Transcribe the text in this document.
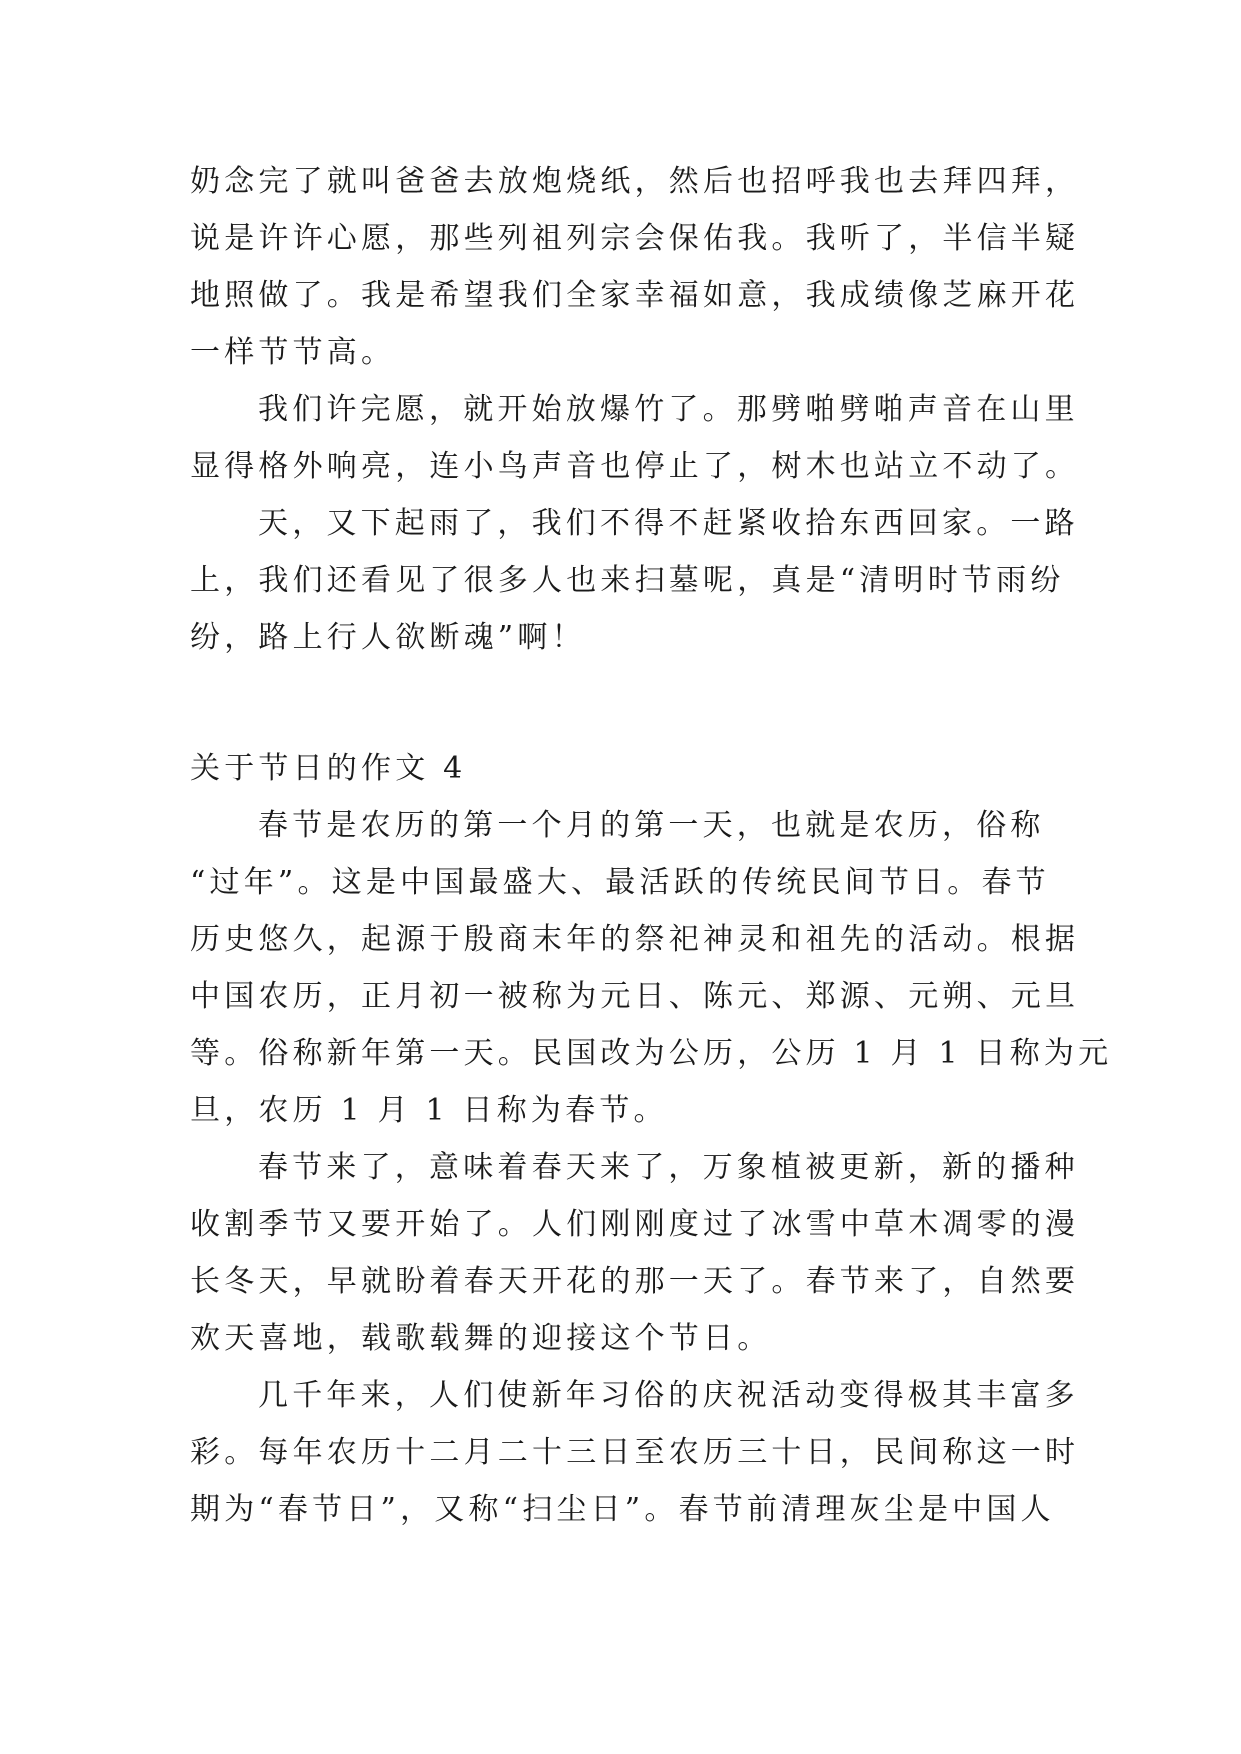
奶念完了就叫爸爸去放炮烧纸，然后也招呼我也去拜四拜，
说是许许心愿，那些列祖列宗会保佑我。我听了，半信半疑
地照做了。我是希望我们全家幸福如意，我成绩像芝麻开花
一样节节高。
我们许完愿，就开始放爆竹了。那劈啪劈啪声音在山里
显得格外响亮，连小鸟声音也停止了，树木也站立不动了。
天，又下起雨了，我们不得不赶紧收拾东西回家。一路
上，我们还看见了很多人也来扫墓呢，真是“清明时节雨纷
纷，路上行人欲断魂”啊！
关于节日的作文 4
春节是农历的第一个月的第一天，也就是农历，俗称
“过年”。这是中国最盛大、最活跃的传统民间节日。春节
历史悠久，起源于殷商末年的祭祀神灵和祖先的活动。根据
中国农历，正月初一被称为元日、陈元、郑源、元朔、元旦
等。俗称新年第一天。民国改为公历，公历 1 月 1 日称为元
旦，农历 1 月 1 日称为春节。
春节来了，意味着春天来了，万象植被更新，新的播种
收割季节又要开始了。人们刚刚度过了冰雪中草木凋零的漫
长冬天，早就盼着春天开花的那一天了。春节来了，自然要
欢天喜地，载歌载舞的迎接这个节日。
几千年来，人们使新年习俗的庆祝活动变得极其丰富多
彩。每年农历十二月二十三日至农历三十日，民间称这一时
期为“春节日”，又称“扫尘日”。春节前清理灰尘是中国人
